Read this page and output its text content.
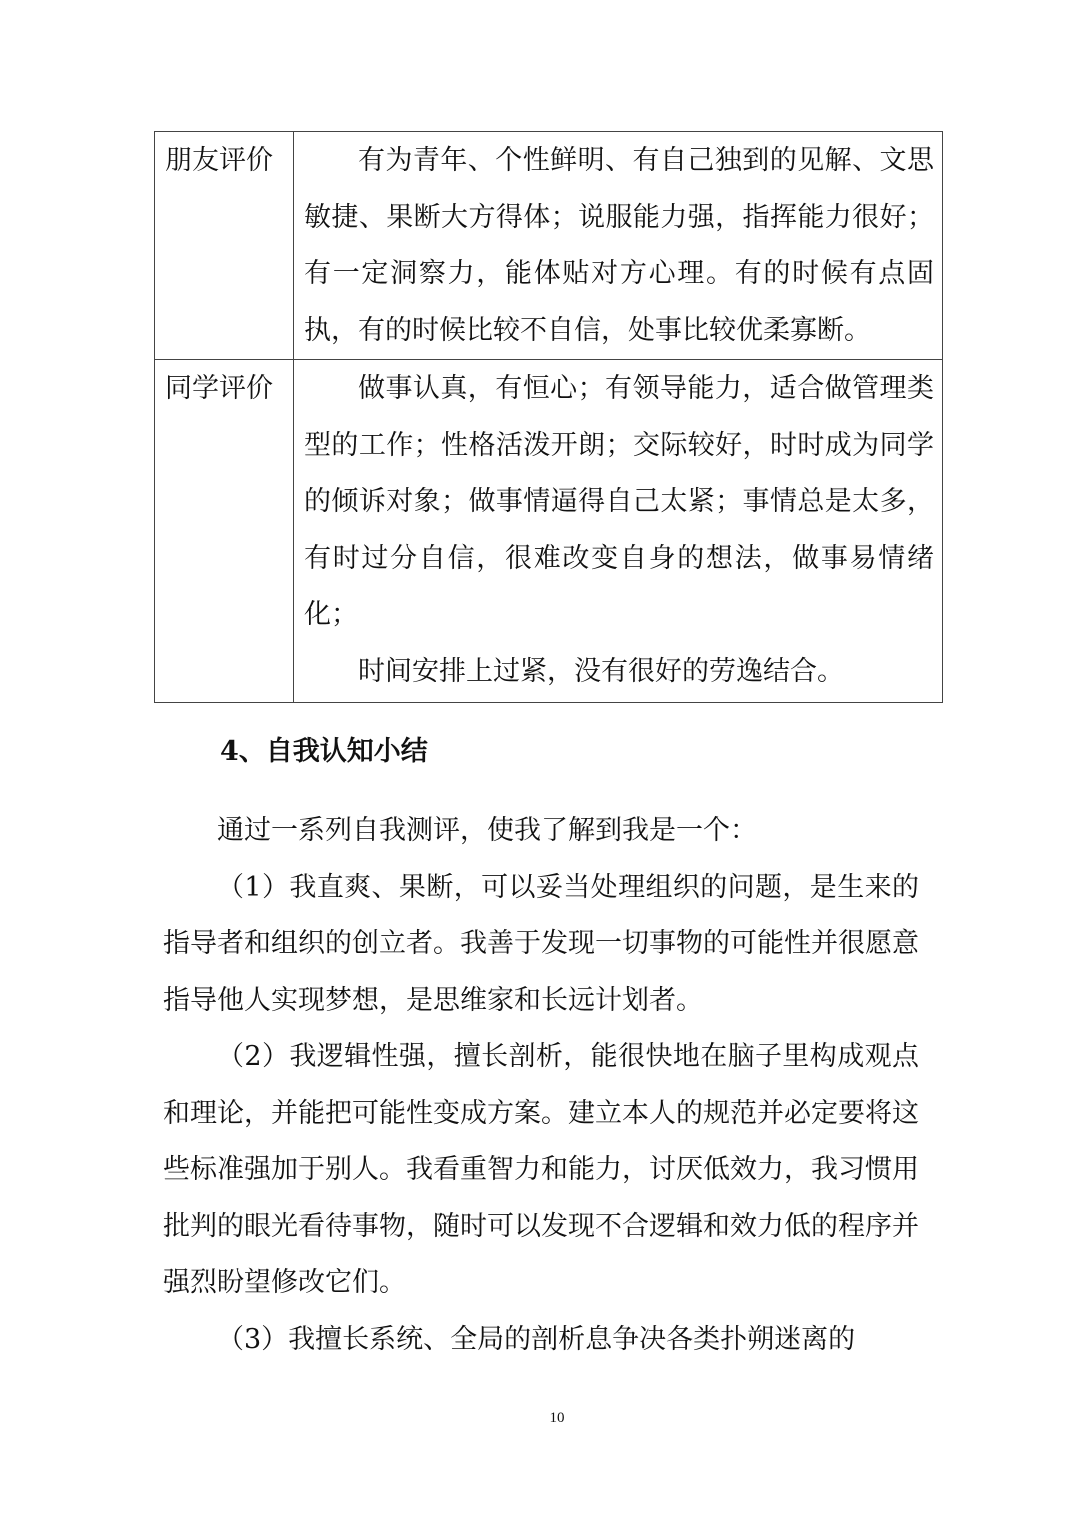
朋友评价	有为青年、个性鲜明、有自己独到的见解、文思敏捷、果断大方得体；说服能力强，指挥能力很好；有一定洞察力，能体贴对方心理。有的时候有点固执，有的时候比较不自信，处事比较优柔寡断。

同学评价	做事认真，有恒心；有领导能力，适合做管理类型的工作；性格活泼开朗；交际较好，时时成为同学的倾诉对象；做事情逼得自己太紧；事情总是太多，有时过分自信，很难改变自身的想法，做事易情绪化；

时间安排上过紧，没有很好的劳逸结合。

4、自我认知小结

通过一系列自我测评，使我了解到我是一个：

（1）我直爽、果断，可以妥当处理组织的问题，是生来的指导者和组织的创立者。我善于发现一切事物的可能性并很愿意指导他人实现梦想，是思维家和长远计划者。

（2）我逻辑性强，擅长剖析，能很快地在脑子里构成观点和理论，并能把可能性变成方案。建立本人的规范并必定要将这些标准强加于别人。我看重智力和能力，讨厌低效力，我习惯用批判的眼光看待事物，随时可以发现不合逻辑和效力低的程序并强烈盼望修改它们。

（3）我擅长系统、全局的剖析息争决各类扑朔迷离的

10
